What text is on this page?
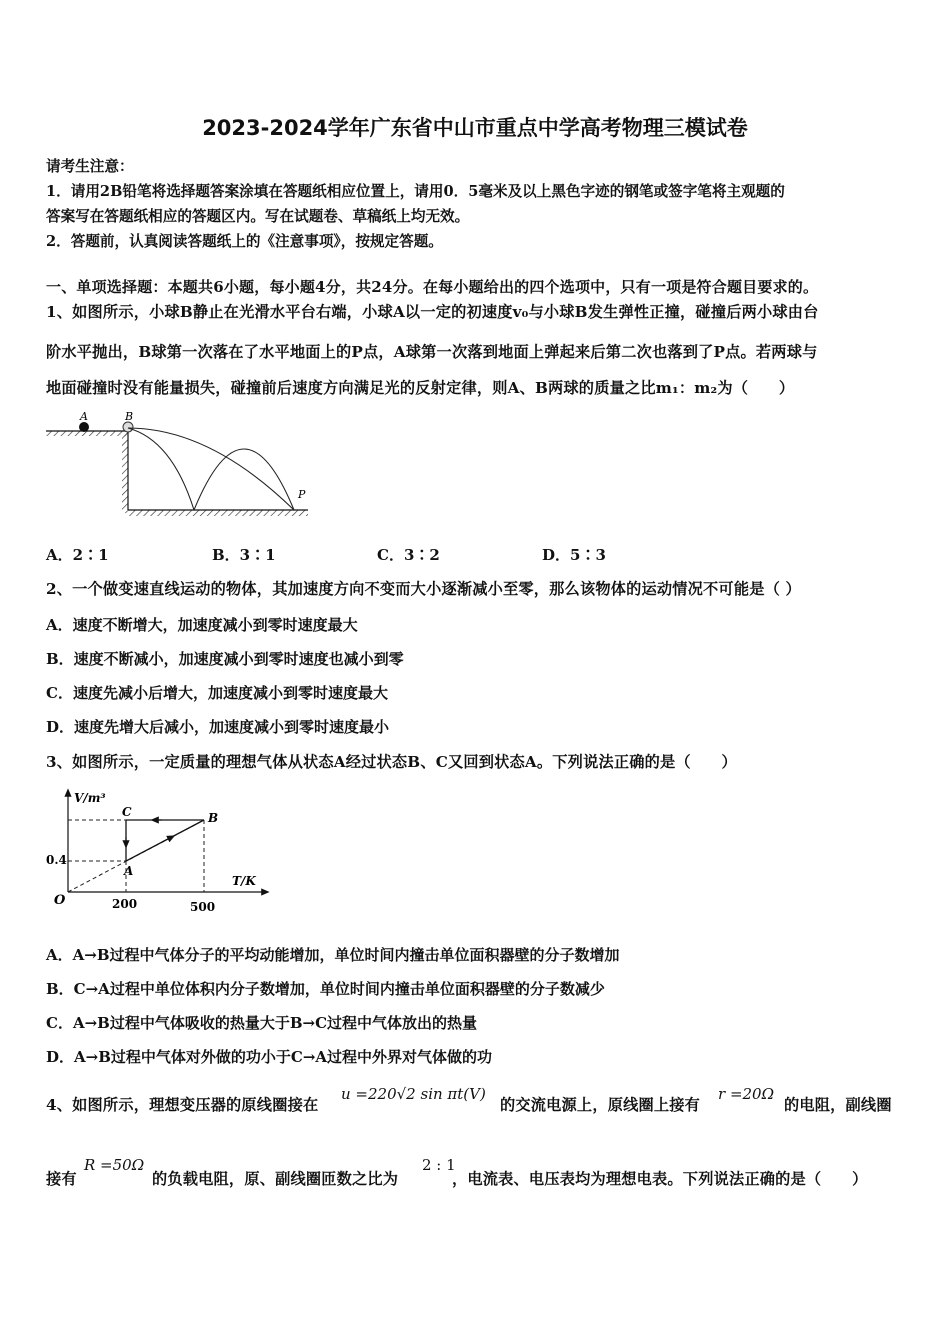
2023-2024学年广东省中山市重点中学高考物理三模试卷
请考生注意：
1．请用2B铅笔将选择题答案涂填在答题纸相应位置上，请用0．5毫米及以上黑色字迹的钢笔或签字笔将主观题的
答案写在答题纸相应的答题区内。写在试题卷、草稿纸上均无效。
2．答题前，认真阅读答题纸上的《注意事项》，按规定答题。
一、单项选择题：本题共6小题，每小题4分，共24分。在每小题给出的四个选项中，只有一项是符合题目要求的。
1、如图所示，小球B静止在光滑水平台右端，小球A以一定的初速度v₀与小球B发生弹性正撞，碰撞后两小球由台
阶水平抛出，B球第一次落在了水平地面上的P点，A球第一次落到地面上弹起来后第二次也落到了P点。若两球与
地面碰撞时没有能量损失，碰撞前后速度方向满足光的反射定律，则A、B两球的质量之比m₁：m₂为（　　）
A	B
P
A．2∶1	B．3∶1	C．3∶2	D．5∶3
2、一个做变速直线运动的物体，其加速度方向不变而大小逐渐减小至零，那么该物体的运动情况不可能是（ ）
A．速度不断增大，加速度减小到零时速度最大
B．速度不断减小，加速度减小到零时速度也减小到零
C．速度先减小后增大，加速度减小到零时速度最大
D．速度先增大后减小，加速度减小到零时速度最小
3、如图所示，一定质量的理想气体从状态A经过状态B、C又回到状态A。下列说法正确的是（　　）
V/m³
T/K
O
0.4
200	500
C	B
A
A．A→B过程中气体分子的平均动能增加，单位时间内撞击单位面积器壁的分子数增加
B．C→A过程中单位体积内分子数增加，单位时间内撞击单位面积器壁的分子数减少
C．A→B过程中气体吸收的热量大于B→C过程中气体放出的热量
D．A→B过程中气体对外做的功小于C→A过程中外界对气体做的功
4、如图所示，理想变压器的原线圈接在
u =220√2 sin πt(V)
的交流电源上，原线圈上接有
r =20Ω
的电阻，副线圈
接有
R =50Ω
的负载电阻，原、副线圈匝数之比为
2 : 1
，电流表、电压表均为理想电表。下列说法正确的是（　　）
